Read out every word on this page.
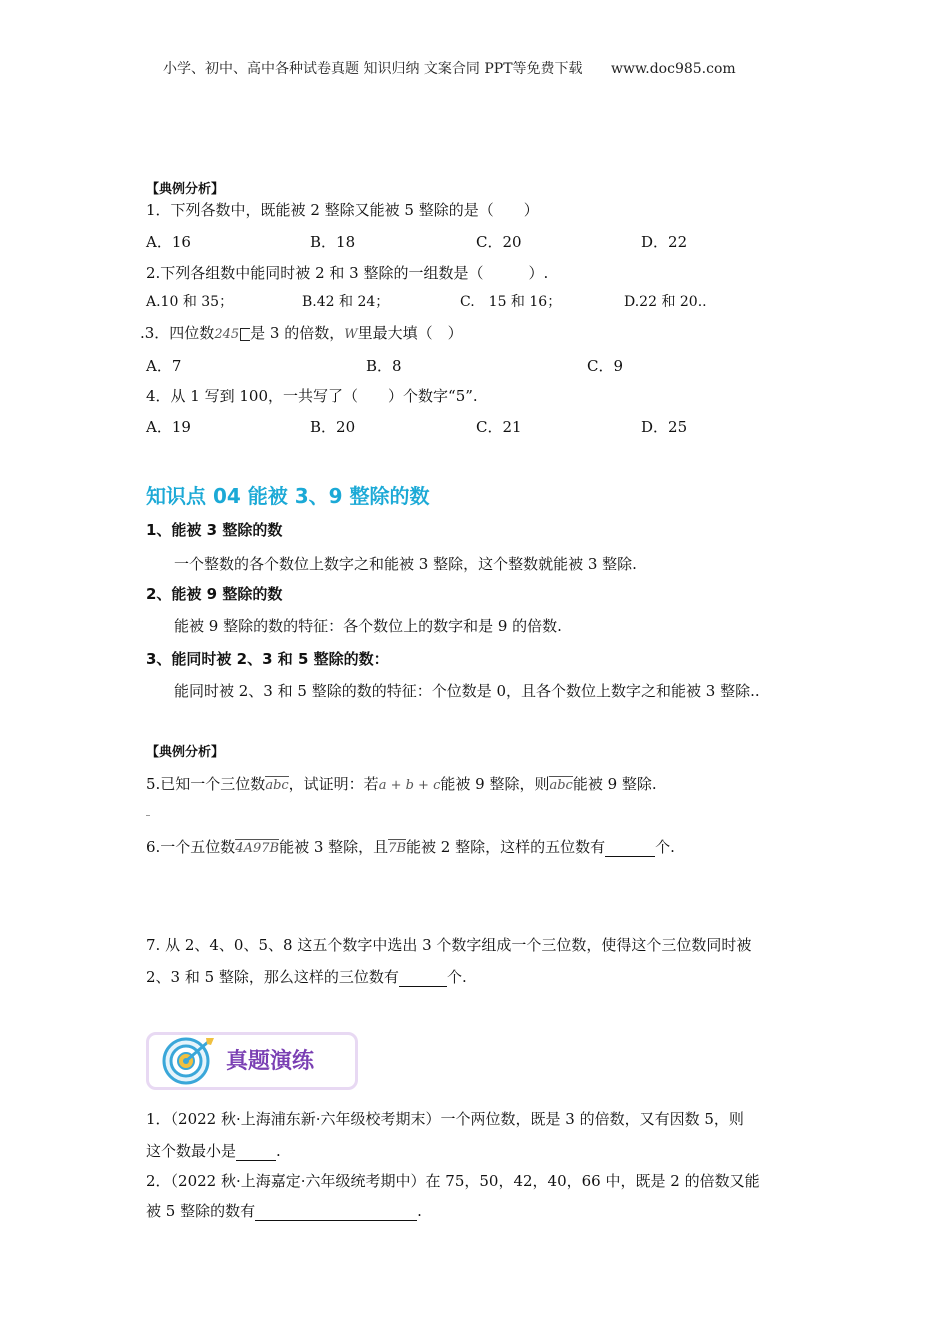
小学、初中、高中各种试卷真题 知识归纳 文案合同 PPT等免费下载 www.doc985.com
【典例分析】
1．下列各数中，既能被 2 整除又能被 5 整除的是（　　）
A．16	B．18	C．20	D．22
2.下列各组数中能同时被 2 和 3 整除的一组数是（　　　）.
A.10 和 35；	B.42 和 24；	C.　15 和 16；	D.22 和 20..
.3．四位数245 是 3 的倍数，W里最大填（　）
A．7	B．8	C．9
4．从 1 写到 100，一共写了（　　）个数字“5”.
A．19	B．20	C．21	D．25
知识点 04 能被 3、9 整除的数
1、能被 3 整除的数
一个整数的各个数位上数字之和能被 3 整除，这个整数就能被 3 整除.
2、能被 9 整除的数
能被 9 整除的数的特征：各个数位上的数字和是 9 的倍数.
3、能同时被 2、3 和 5 整除的数：
能同时被 2、3 和 5 整除的数的特征：个位数是 0，且各个数位上数字之和能被 3 整除..
【典例分析】
5.已知一个三位数abc，试证明：若a + b + c能被 9 整除，则abc能被 9 整除.
6.一个五位数4A97B能被 3 整除，且7B能被 2 整除，这样的五位数有	个.
7. 从 2、4、0、5、8 这五个数字中选出 3 个数字组成一个三位数，使得这个三位数同时被
2、3 和 5 整除，那么这样的三位数有	个.
真题演练
1．（2022 秋·上海浦东新·六年级校考期末）一个两位数，既是 3 的倍数，又有因数 5，则
这个数最小是	.
2．（2022 秋·上海嘉定·六年级统考期中）在 75，50，42，40，66 中，既是 2 的倍数又能
被 5 整除的数有	.
